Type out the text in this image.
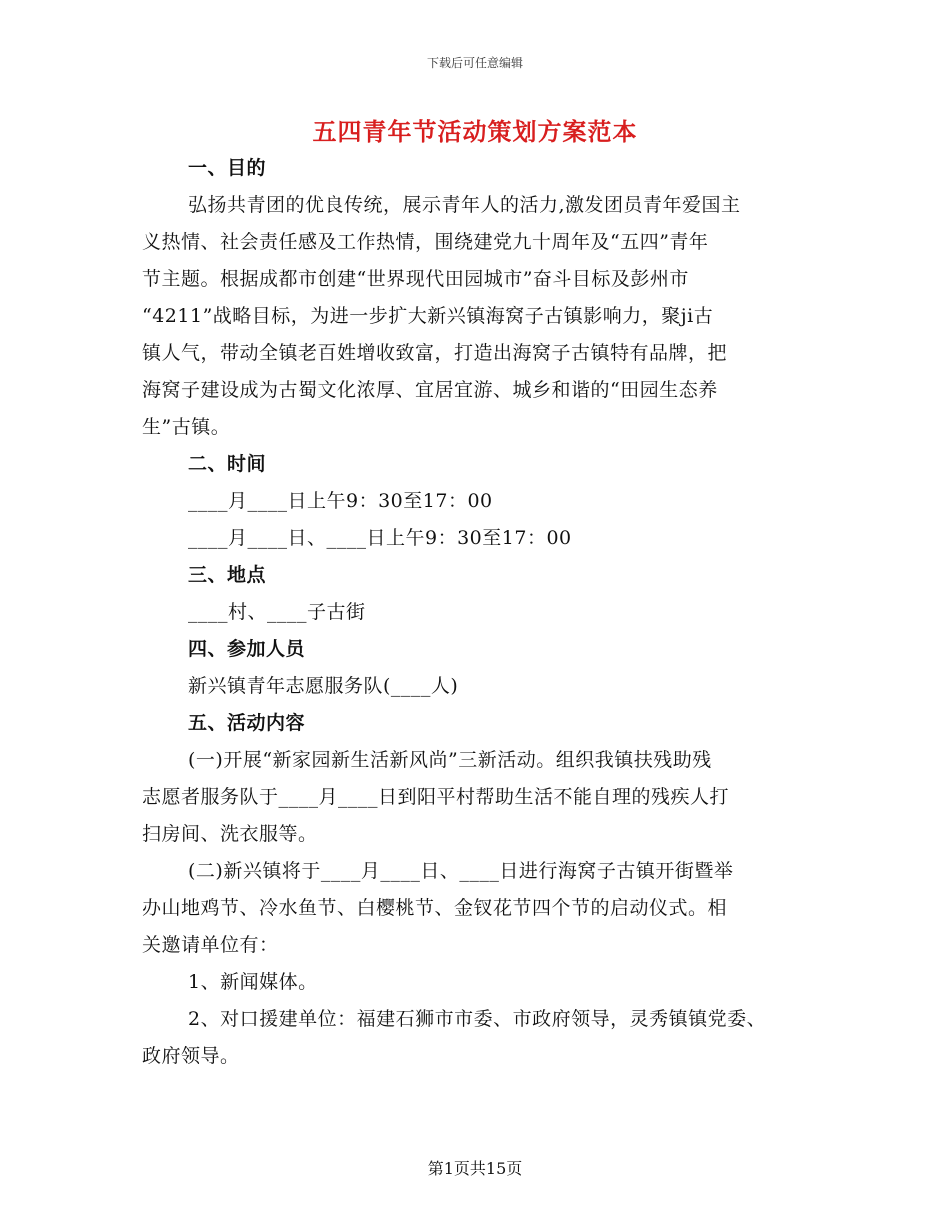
下载后可任意编辑
五四青年节活动策划方案范本
一、目的
弘扬共青团的优良传统，展示青年人的活力,激发团员青年爱国主
义热情、社会责任感及工作热情，围绕建党九十周年及“五四”青年
节主题。根据成都市创建“世界现代田园城市”奋斗目标及彭州市
“4211”战略目标，为进一步扩大新兴镇海窝子古镇影响力，聚ji古
镇人气，带动全镇老百姓增收致富，打造出海窝子古镇特有品牌，把
海窝子建设成为古蜀文化浓厚、宜居宜游、城乡和谐的“田园生态养
生”古镇。
二、时间
____月____日上午9：30至17：00
____月____日、____日上午9：30至17：00
三、地点
____村、____子古街
四、参加人员
新兴镇青年志愿服务队(____人)
五、活动内容
(一)开展“新家园新生活新风尚”三新活动。组织我镇扶残助残
志愿者服务队于____月____日到阳平村帮助生活不能自理的残疾人打
扫房间、洗衣服等。
(二)新兴镇将于____月____日、____日进行海窝子古镇开街暨举
办山地鸡节、冷水鱼节、白樱桃节、金钗花节四个节的启动仪式。相
关邀请单位有：
1、新闻媒体。
2、对口援建单位：福建石狮市市委、市政府领导，灵秀镇镇党委、
政府领导。
第1页共15页
